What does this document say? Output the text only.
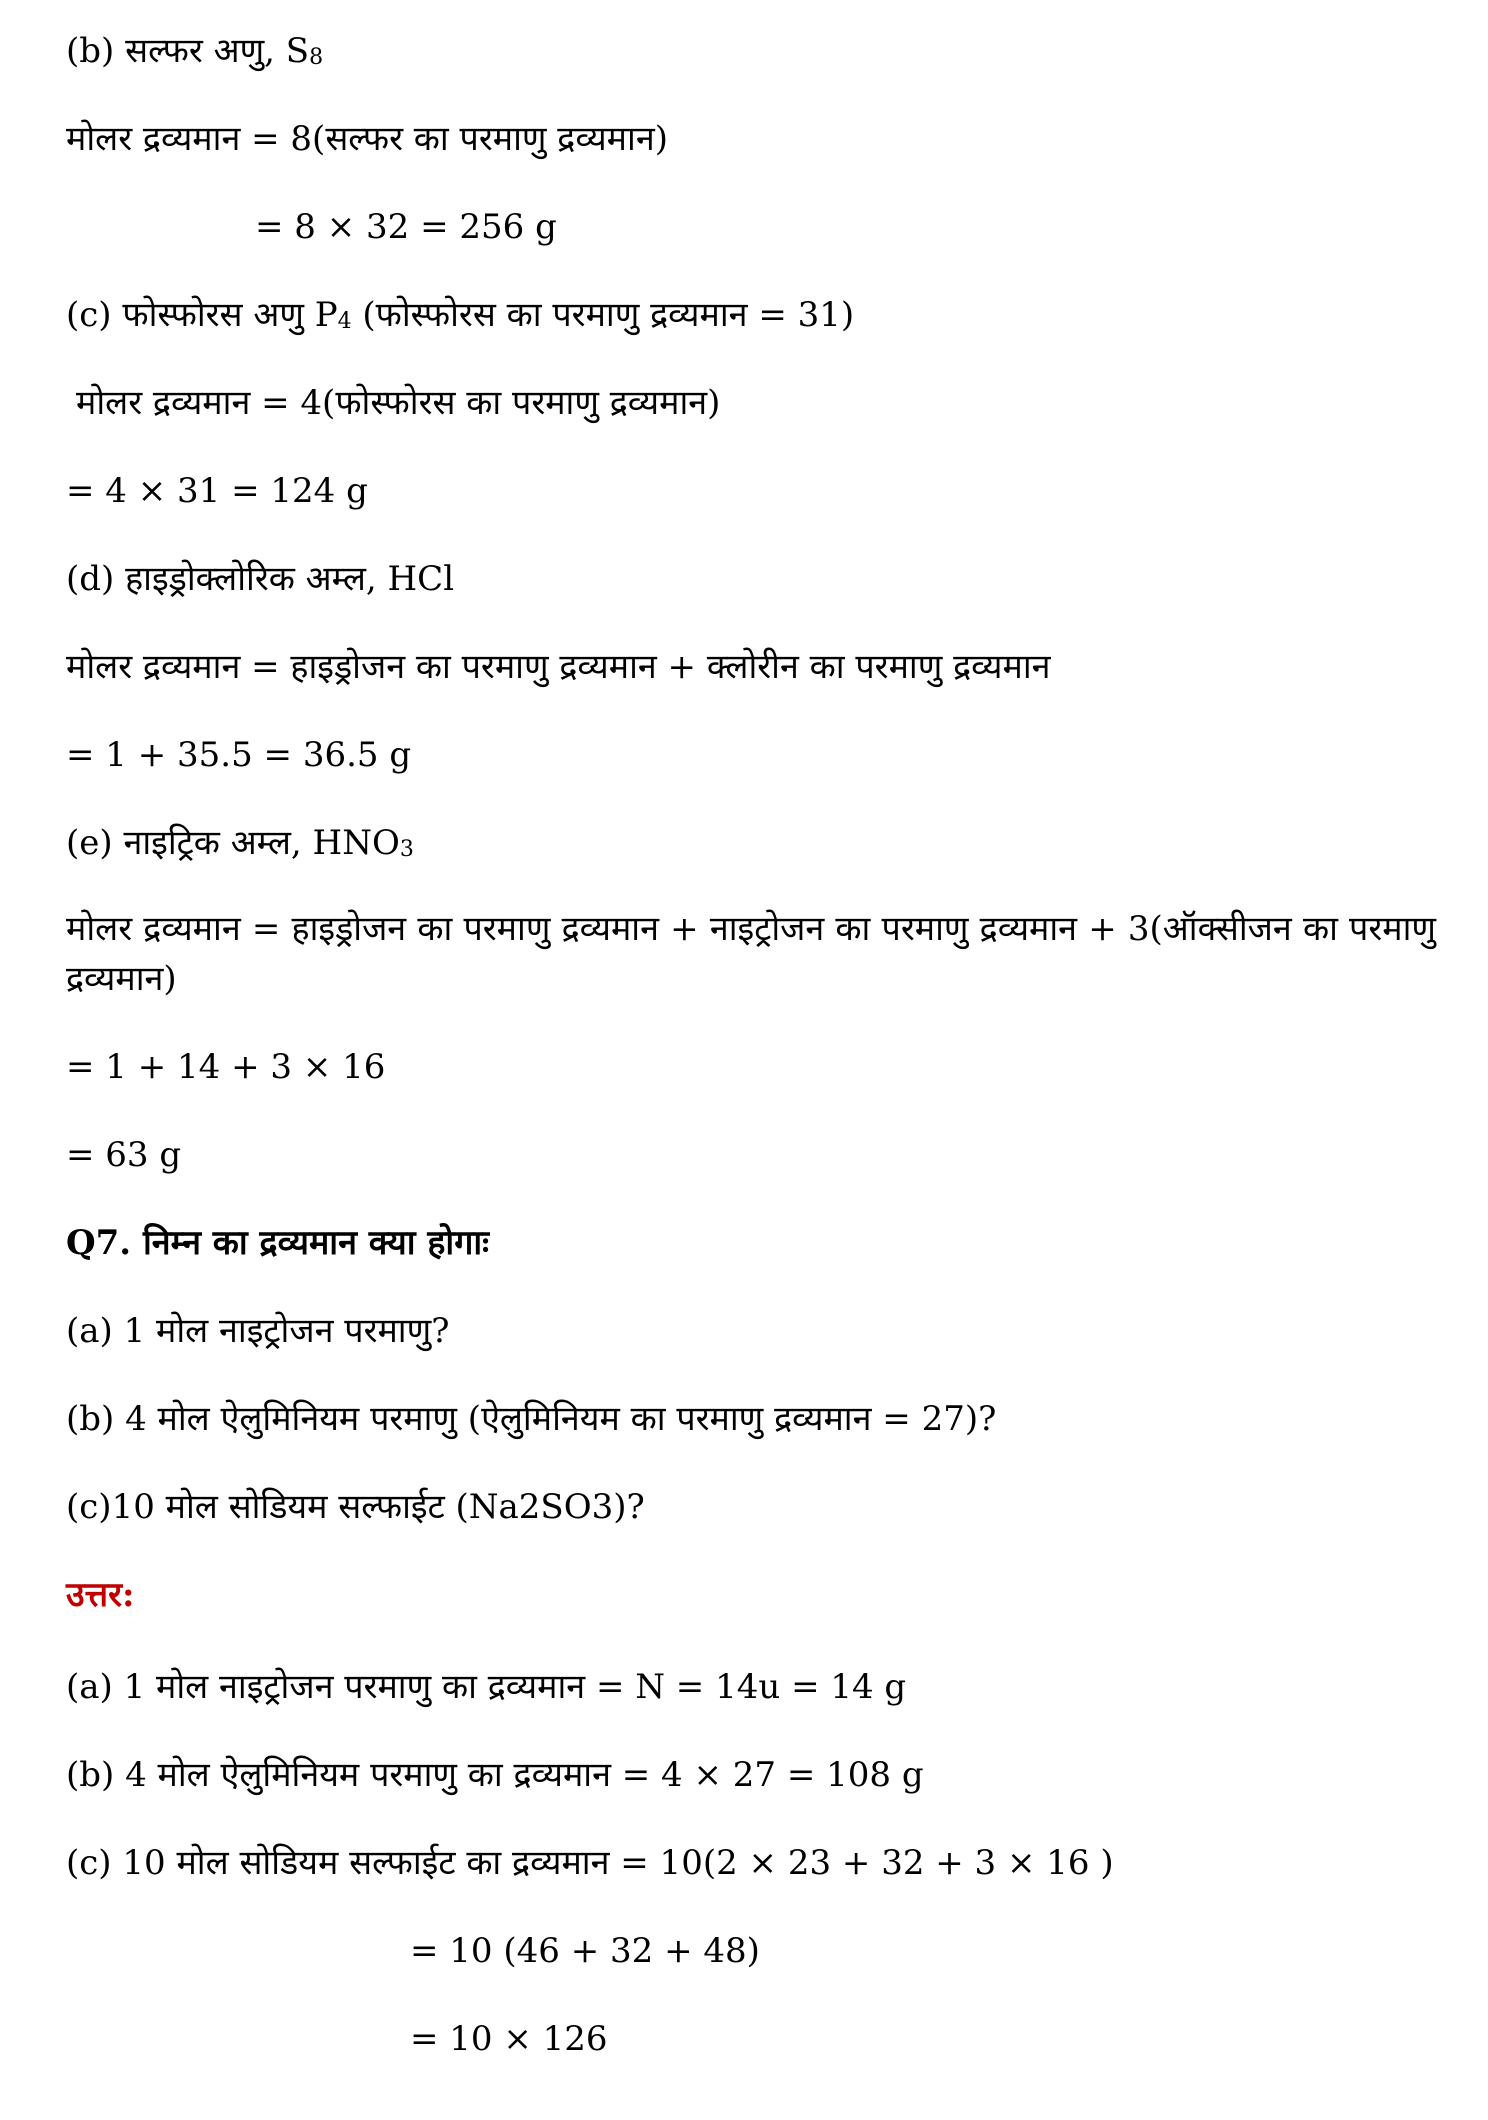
(b) सल्फर अणु, $S_8$
मोलर द्रव्यमान = 8(सल्फर का परमाणु द्रव्यमान)
= 8 × 32 = 256 g
(c) फोस्फोरस अणु $P_4$ (फोस्फोरस का परमाणु द्रव्यमान = 31)
मोलर द्रव्यमान = 4(फोस्फोरस का परमाणु द्रव्यमान)
= 4 × 31 = 124 g
(d) हाइड्रोक्लोरिक अम्ल, HCl
मोलर द्रव्यमान = हाइड्रोजन का परमाणु द्रव्यमान + क्लोरीन का परमाणु द्रव्यमान
= 1 + 35.5 = 36.5 g
(e) नाइट्रिक अम्ल, $HNO_3$
मोलर द्रव्यमान = हाइड्रोजन का परमाणु द्रव्यमान + नाइट्रोजन का परमाणु द्रव्यमान + 3(ऑक्सीजन का परमाणु द्रव्यमान)
= 1 + 14 + 3 × 16
= 63 g
Q7. निम्न का द्रव्यमान क्या होगाः
(a) 1 मोल नाइट्रोजन परमाणु?
(b) 4 मोल ऐलुमिनियम परमाणु (ऐलुमिनियम का परमाणु द्रव्यमान = 27)?
(c)10 मोल सोडियम सल्फाईट (Na2SO3)?
उत्तर:
(a) 1 मोल नाइट्रोजन परमाणु का द्रव्यमान = N = 14u = 14 g
(b) 4 मोल ऐलुमिनियम परमाणु का द्रव्यमान = 4 × 27 = 108 g
(c) 10 मोल सोडियम सल्फाईट का द्रव्यमान = 10(2 × 23 + 32 + 3 × 16 )
= 10 (46 + 32 + 48)
= 10 × 126
